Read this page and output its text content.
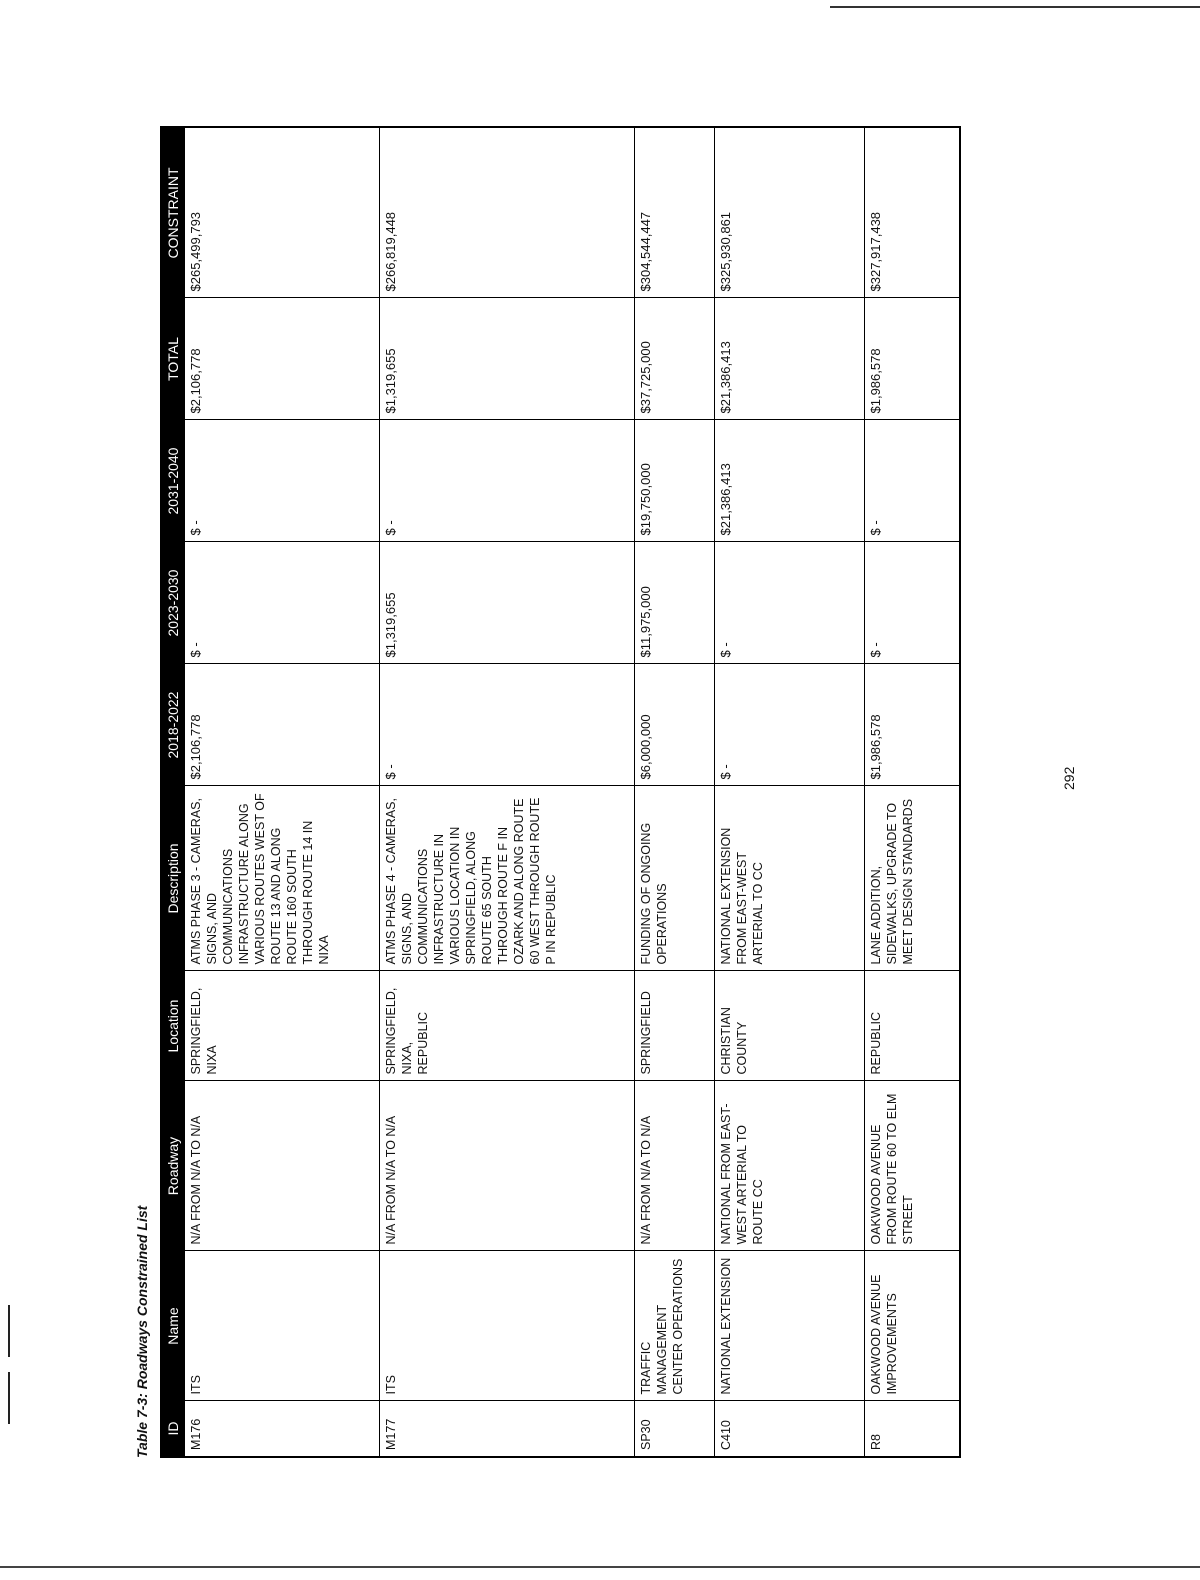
Table 7-3: Roadways Constrained List ID	Name	Roadway	Location	Description	2018-2022	2023-2030	2031-2040	TOTAL	CONSTRAINT
M176	ITS	N/A FROM N/A TO N/A	SPRINGFIELD, NIXA	ATMS PHASE 3 - CAMERAS, SIGNS, AND COMMUNICATIONS INFRASTRUCTURE ALONG VARIOUS ROUTES WEST OF ROUTE 13 AND ALONG ROUTE 160 SOUTH THROUGH ROUTE 14 IN NIXA	$2,106,778	$ -	$ -	$2,106,778	$265,499,793
M177	ITS	N/A FROM N/A TO N/A	SPRINGFIELD, NIXA, REPUBLIC	ATMS PHASE 4 - CAMERAS, SIGNS, AND COMMUNICATIONS INFRASTRUCTURE IN VARIOUS LOCATION IN SPRINGFIELD, ALONG ROUTE 65 SOUTH THROUGH ROUTE F IN OZARK AND ALONG ROUTE 60 WEST THROUGH ROUTE P IN REPUBLIC	$ -	$1,319,655	$ -	$1,319,655	$266,819,448
SP30	TRAFFIC MANAGEMENT CENTER OPERATIONS	N/A FROM N/A TO N/A	SPRINGFIELD	FUNDING OF ONGOING OPERATIONS	$6,000,000	$11,975,000	$19,750,000	$37,725,000	$304,544,447
C410	NATIONAL EXTENSION	NATIONAL FROM EAST-WEST ARTERIAL TO ROUTE CC	CHRISTIAN COUNTY	NATIONAL EXTENSION FROM EAST-WEST ARTERIAL TO CC	$ -	$ -	$21,386,413	$21,386,413	$325,930,861
R8	OAKWOOD AVENUE IMPROVEMENTS	OAKWOOD AVENUE FROM ROUTE 60 TO ELM STREET	REPUBLIC	LANE ADDITION, SIDEWALKS, UPGRADE TO MEET DESIGN STANDARDS	$1,986,578	$ -	$ -	$1,986,578	$327,917,438
292
